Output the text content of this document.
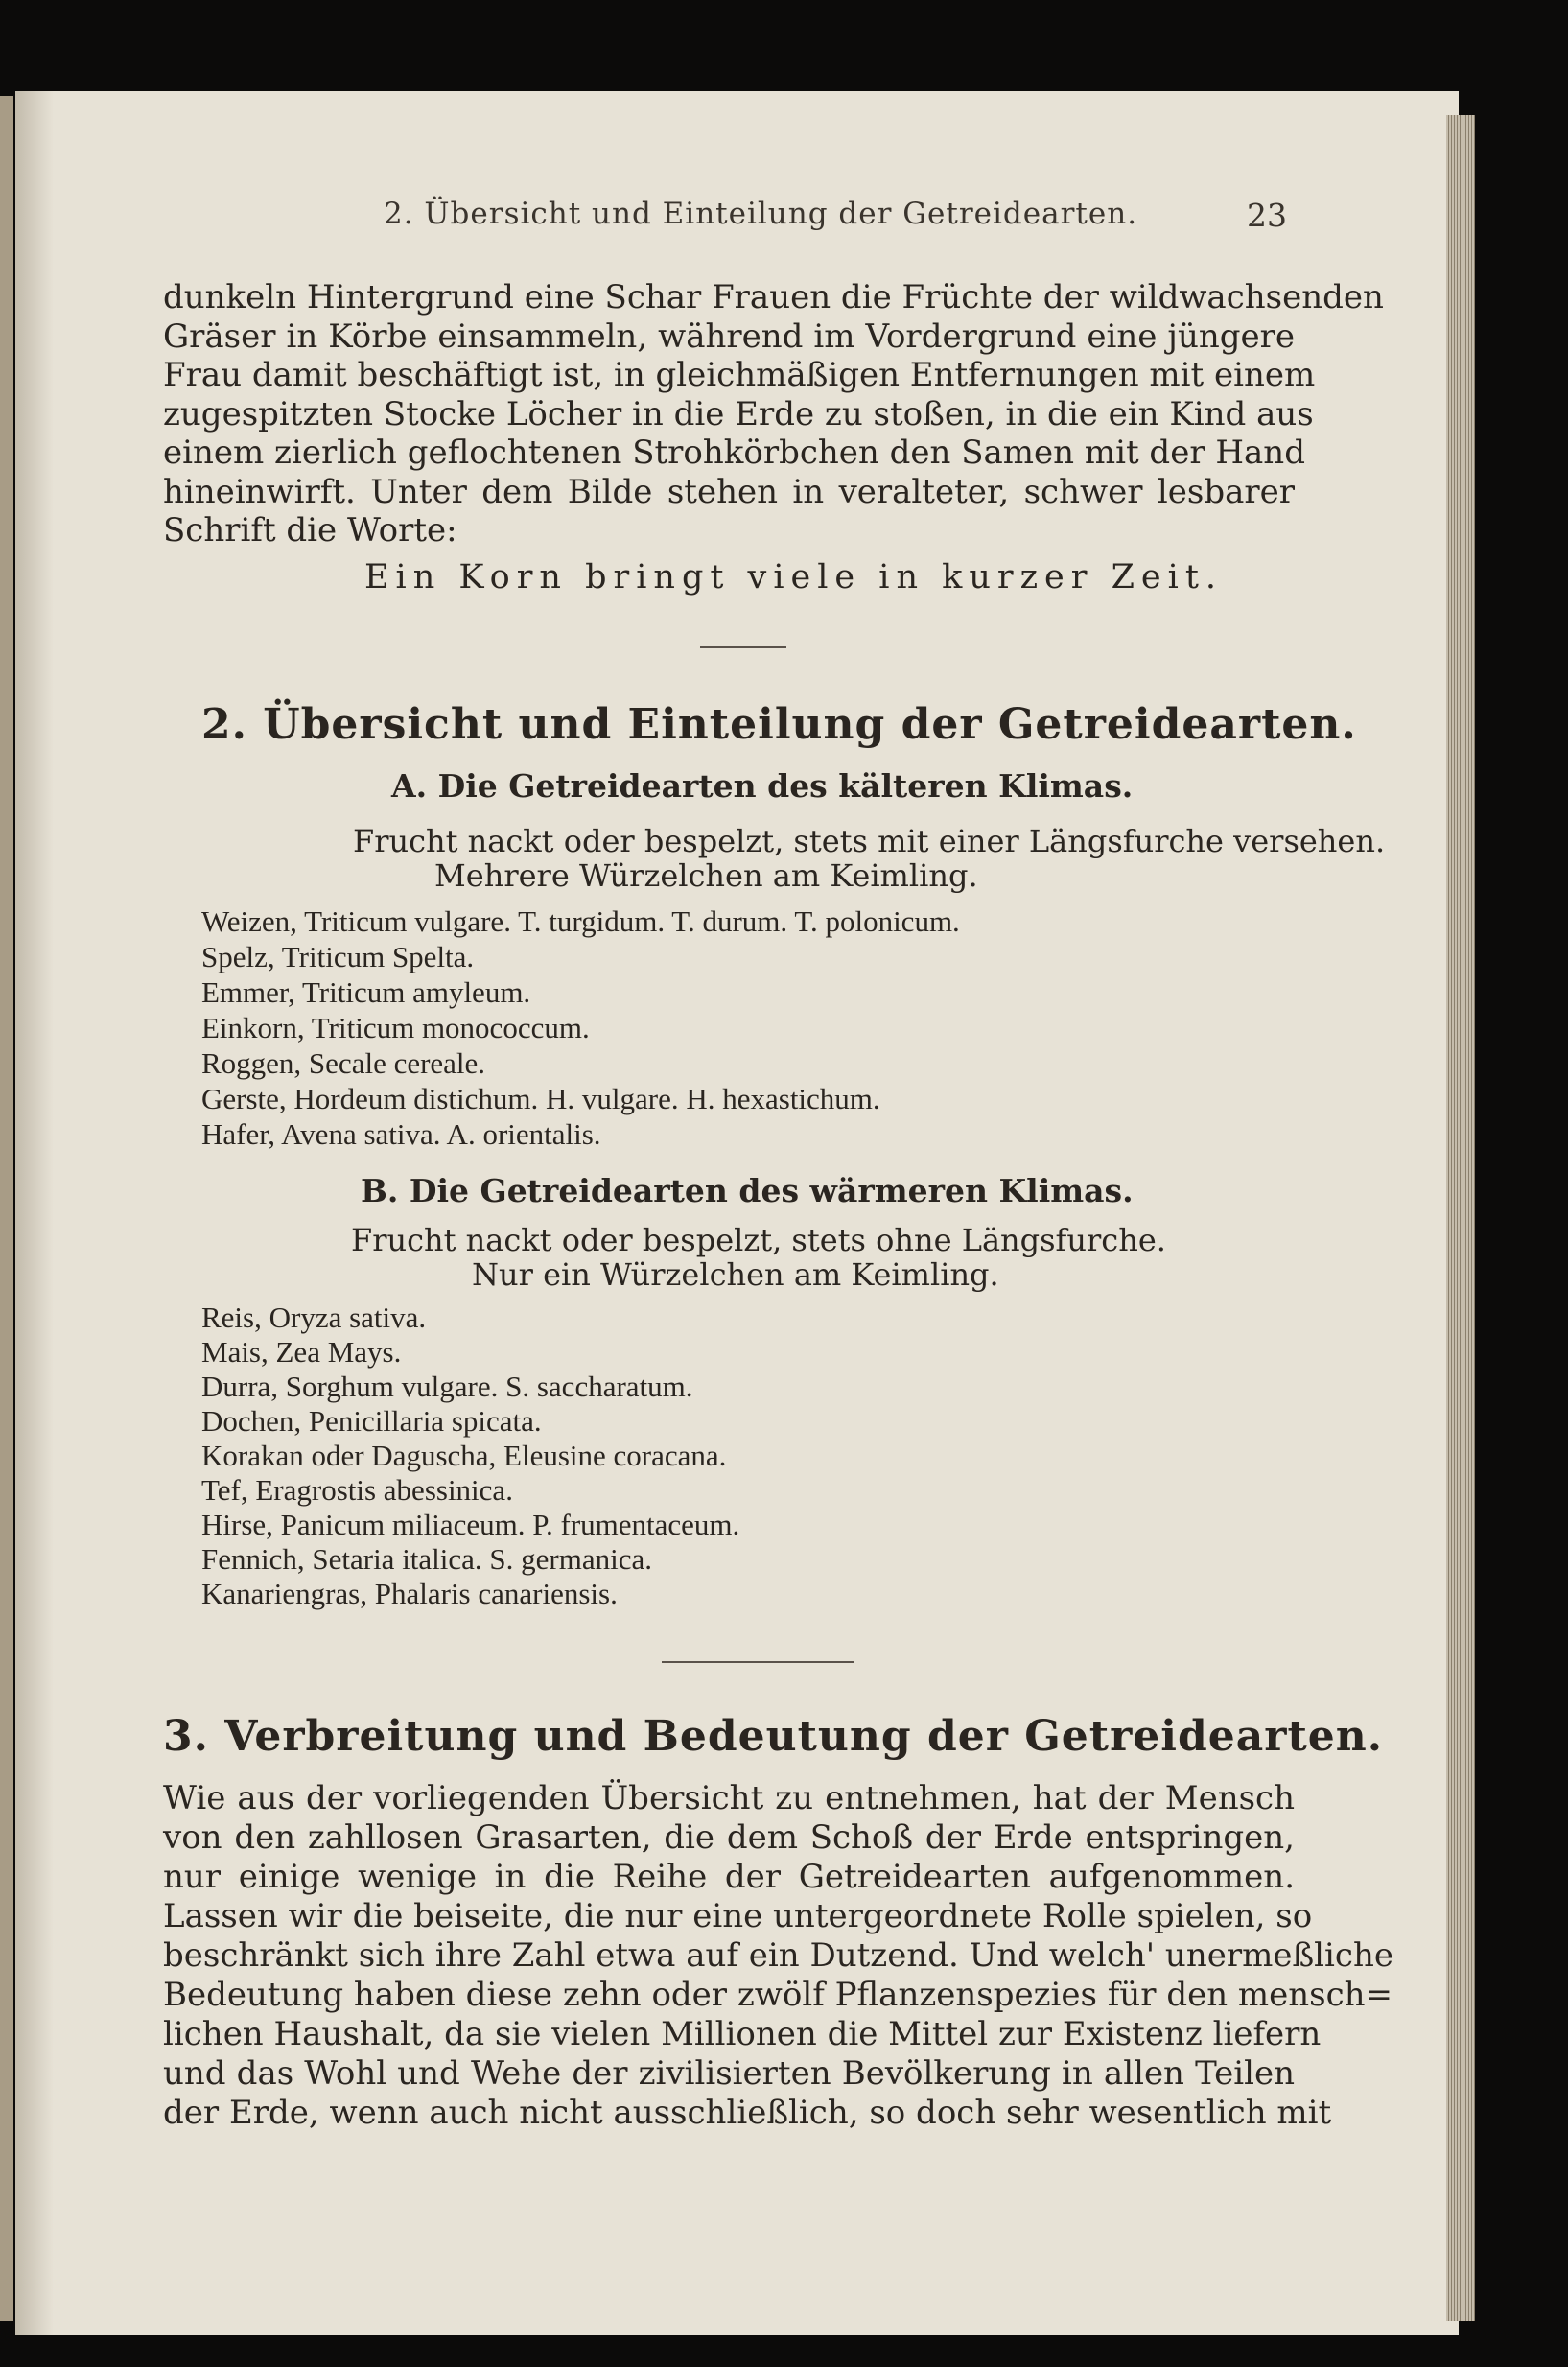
2. Übersicht und Einteilung der Getreidearten.	23

dunkeln Hintergrund eine Schar Frauen die Früchte der wildwachsenden

Gräser in Körbe einsammeln, während im Vordergrund eine jüngere

Frau damit beschäftigt ist, in gleichmäßigen Entfernungen mit einem

zugespitzten Stocke Löcher in die Erde zu stoßen, in die ein Kind aus

einem zierlich geflochtenen Strohkörbchen den Samen mit der Hand

hineinwirft. Unter dem Bilde stehen in veralteter, schwer lesbarer

Schrift die Worte:

Ein Korn bringt viele in kurzer Zeit.

2. Übersicht und Einteilung der Getreidearten.

A. Die Getreidearten des kälteren Klimas.

Frucht nackt oder bespelzt, stets mit einer Längsfurche versehen.

Mehrere Würzelchen am Keimling.

Weizen, Triticum vulgare. T. turgidum. T. durum. T. polonicum.

Spelz, Triticum Spelta.

Emmer, Triticum amyleum.

Einkorn, Triticum monococcum.

Roggen, Secale cereale.

Gerste, Hordeum distichum. H. vulgare. H. hexastichum.

Hafer, Avena sativa. A. orientalis.

B. Die Getreidearten des wärmeren Klimas.

Frucht nackt oder bespelzt, stets ohne Längsfurche.

Nur ein Würzelchen am Keimling.

Reis, Oryza sativa.

Mais, Zea Mays.

Durra, Sorghum vulgare. S. saccharatum.

Dochen, Penicillaria spicata.

Korakan oder Daguscha, Eleusine coracana.

Tef, Eragrostis abessinica.

Hirse, Panicum miliaceum. P. frumentaceum.

Fennich, Setaria italica. S. germanica.

Kanariengras, Phalaris canariensis.

3. Verbreitung und Bedeutung der Getreidearten.

Wie aus der vorliegenden Übersicht zu entnehmen, hat der Mensch

von den zahllosen Grasarten, die dem Schoß der Erde entspringen,

nur einige wenige in die Reihe der Getreidearten aufgenommen.

Lassen wir die beiseite, die nur eine untergeordnete Rolle spielen, so

beschränkt sich ihre Zahl etwa auf ein Dutzend. Und welch' unermeßliche

Bedeutung haben diese zehn oder zwölf Pflanzenspezies für den mensch=

lichen Haushalt, da sie vielen Millionen die Mittel zur Existenz liefern

und das Wohl und Wehe der zivilisierten Bevölkerung in allen Teilen

der Erde, wenn auch nicht ausschließlich, so doch sehr wesentlich mit
